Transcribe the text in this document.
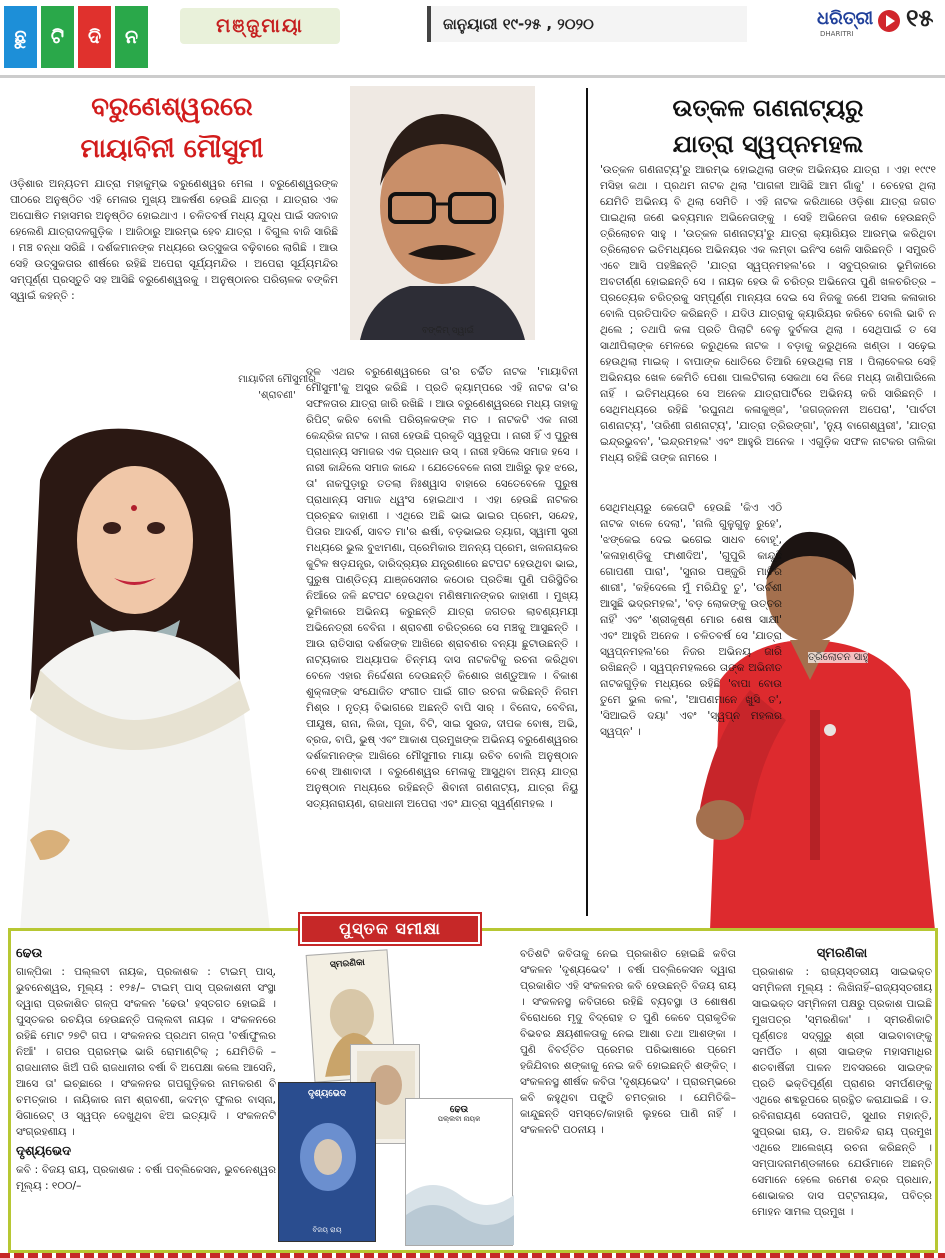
ଛୁ	ଟି	ଦି	ନ	ମଞ୍ଜୁମାୟା	ଜାନୁୟାରୀ ୧୯-୨୫ , ୨୦୨୦	ଧରିତ୍ରୀ
DHARITRI
୧୫
ବରୁଣେଶ୍ୱରରେ
ମାୟାବିନୀ ମୌସୁମୀ
ବଙ୍କିମ୍ ସ୍ୱାଇଁ

ଓଡ଼ିଶାର ଅନ୍ୟତମ ଯାତ୍ରା ମହାକୁମ୍ଭ ବରୁଣେଶ୍ୱର ମେଳା । ବରୁଣେଶ୍ୱରଙ୍କ ପୀଠରେ ଅନୁଷ୍ଠିତ ଏହି ମେଳାର ମୁଖ୍ୟ ଆକର୍ଷଣ ହେଉଛି ଯାତ୍ରା । ଯାତ୍ରାର ଏକ ଅଘୋଷିତ ମହାସମର ଅନୁଷ୍ଠିତ ହୋଇଥାଏ । ଚଳିତବର୍ଷ ମଧ୍ୟ ଯୁଦ୍ଧ ପାଇଁ ସଜବାଜ ହେଲେଣି ଯାତ୍ରାଦଳଗୁଡ଼ିକ । ଆଜିଠାରୁ ଆରମ୍ଭ ହେବ ଯାତ୍ରା । ବିଗୁଲ ବାଜି ସାରିଛି । ମଞ୍ଚ ବନ୍ଧା ସରିଛି । ଦର୍ଶକମାନଙ୍କ ମଧ୍ୟରେ ଉତ୍ସୁକତା ବଢ଼ିବାରେ ଲାଗିଛି । ଆଉ ସେହି ଉତ୍ସୁକତାର ଶୀର୍ଷରେ ରହିଛି ଅପେରା ସୂର୍ଯ୍ୟମନ୍ଦିର । ଅପେରା ସୂର୍ଯ୍ୟମନ୍ଦିର ସମ୍ପୂର୍ଣ୍ଣ ପ୍ରସ୍ତୁତି ସହ ଆସିଛି ବରୁଣେଶ୍ୱରକୁ । ଅନୁଷ୍ଠାନର ପରିଚାଳକ ବଙ୍କିମ ସ୍ୱାଇଁ କହନ୍ତି :

ମାୟାବିନୀ ମୌସୁମୀର 'ଶ୍ରାବଣୀ'

ଦଳ ଏଥର ବରୁଣେଶ୍ୱରରେ ତା'ର ଚର୍ଚ୍ଚିତ ନାଟକ 'ମାୟାବିନୀ ମୌସୁମୀ'କୁ ଅସ୍ତ୍ର କରିଛି । ପ୍ରତି କ୍ୟାମ୍ପରେ ଏହି ନାଟକ ତା'ର ସଫଳତାର ଯାତ୍ରା ଜାରି ରଖିଛି । ଆଉ ବରୁଣେଶ୍ୱରରେ ମଧ୍ୟ ତାହାକୁ ରିପିଟ୍ କରିବ ବୋଲି ପରିଚାଳକଙ୍କ ମତ । ନାଟକଟି ଏକ ନାରୀ କେନ୍ଦ୍ରିକ ନାଟକ । ନାରୀ ହେଉଛି ପ୍ରକୃତି ସ୍ୱରୂପା । ନାରୀ ହିଁ ଏ ପୁରୁଷ ପ୍ରାଧାନ୍ୟ ସମାଜର ଏକ ପ୍ରଧାନ ଉସ୍ । ନାରୀ ହସିଲେ ସମାଜ ହସେ । ନାରୀ କାନ୍ଦିଲେ ସମାଜ କାନ୍ଦେ । ଯେତେବେଳେ ନାରୀ ଆଖିରୁ ଲୁହ ଝରେ, ତା' ନାକପୁଡ଼ାରୁ ତତଲା ନିଃଶ୍ୱାସ ବାହାରେ ସେତେବେଳେ ପୁରୁଷ ପ୍ରାଧାନ୍ୟ ସମାଜ ଧ୍ୱଂସ ହୋଇଥାଏ । ଏହା ହେଉଛି ନାଟକର ପ୍ରଚ୍ଛଦ କାହାଣୀ । ଏଥିରେ ଅଛି ଭାଇ ଭାଇର ପ୍ରେମ, ସନ୍ଦେହ, ପିତାର ଆଦର୍ଶ, ସାବତ ମା'ର ଈର୍ଷା, ବଡ଼ଭାଇର ତ୍ୟାଗ, ସ୍ୱାମୀ ସ୍ତ୍ରୀ ମଧ୍ୟରେ ଭୁଲ ବୁଝାମଣା, ପ୍ରେମିକାର ଅନନ୍ୟ ପ୍ରେମ, ଖଳନାୟକର କୁଟିଳ ଷଡ଼ଯନ୍ତ୍ର, ଦାରିଦ୍ର୍ୟର ଯନ୍ତ୍ରଣାରେ ଛଟପଟ ହେଉଥିବା ଭାଇ, ପୁରୁଷ ପାଣ୍ଡିତ୍ୟ ଯାଞ୍ଜସେନୀର କଠୋର ପ୍ରତିଜ୍ଞା ପୁଣି ପରିସ୍ଥିତିର ନିଆଁରେ ଜଳି ଛଟପଟ ହେଉଥିବା ମଣିଷମାନଙ୍କର କାହାଣୀ । ମୁଖ୍ୟ ଭୂମିକାରେ ଅଭିନୟ କରୁଛନ୍ତି ଯାତ୍ରା ଜଗତର ଲାବଣ୍ୟମୟୀ ଅଭିନେତ୍ରୀ ବେବିନା । ଶ୍ରାବଣୀ ଚରିତ୍ରରେ ସେ ମଞ୍ଚକୁ ଆସୁଛନ୍ତି । ଆଉ ରାତିସାରା ଦର୍ଶକଙ୍କ ଆଖିରେ ଶ୍ରାବଣର ବନ୍ୟା ଛୁଟାଉଛନ୍ତି । ନାଟ୍ୟକାର ଅଧ୍ୟାପକ ଚିନ୍ମୟ ଦାସ ନାଟକଟିକୁ ରଚନା କରିଥିବା ବେଳେ ଏହାର ନିର୍ଦ୍ଦେଶନା ଦେଉଛନ୍ତି କିଶୋର ଖଣ୍ଡୁଆଳ । ବିକାଶ ଶୁକ୍ଳାଙ୍କ ସଂଯୋଜିତ ସଂଗୀତ ପାଇଁ ଗୀତ ରଚନା କରିଛନ୍ତି ନିଗମ ମିଶ୍ର । ନୃତ୍ୟ ବିଭାଗରେ ଅଛନ୍ତି ବାପି ସାର୍ । ବିନୋଦ, ବେବିନା, ପୀୟୂଷ, ରାନା, ଲିଜା, ପୂଜା, ବିଟି, ସାଇ ସୁରଜ, ଦୀପକ ବୋଷ, ଅଭି, ବ୍ରଜ, ବାପି, ଭୁଷ୍ ଏବଂ ଆକାଶ ପ୍ରମୁଖଙ୍କ ଅଭିନୟ ବରୁଣେଶ୍ୱରର ଦର୍ଶକମାନଙ୍କ ଆଖିରେ ମୌସୁମୀର ମାୟା ରଚିବ ବୋଲି ଅନୁଷ୍ଠାନ ବେଶ୍ ଆଶାବାଦୀ । ବରୁଣେଶ୍ୱର ମେଳାକୁ ଆସୁଥିବା ଅନ୍ୟ ଯାତ୍ରା ଅନୁଷ୍ଠାନ ମଧ୍ୟରେ ରହିଛନ୍ତି ଶିବାନୀ ଗଣନାଟ୍ୟ, ଯାତ୍ରା ନିୟୁ ସତ୍ୟନାରାୟଣ, ରାଜଧାନୀ ଅପେରା ଏବଂ ଯାତ୍ରା ସ୍ୱର୍ଣ୍ଣମହଲ ।

ଉତ୍କଳ ଗଣନାଟ୍ୟରୁ
ଯାତ୍ରା ସ୍ୱପ୍ନମହଲ

'ଉତ୍କଳ ଗଣନାଟ୍ୟ'ରୁ ଆରମ୍ଭ ହୋଇଥିଲା ତାଙ୍କ ଅଭିନୟର ଯାତ୍ରା । ଏହା ୧୯୯୧ ମସିହା କଥା । ପ୍ରଥମ ନାଟକ ଥିଲା 'ପାଗଳୀ ଆସିଛି ଆମ ଗାଁକୁ' । ଚେହେରା ଥିଲା ଯେମିତି ଅଭିନୟ ବି ଥିଲା ସେମିତି । ଏହି ନାଟକ କରିଥାରେ ଓଡ଼ିଶା ଯାତ୍ରା ଜଗତ ପାଇଥିଲା ଜଣେ ଭବ୍ୟମାନ ଅଭିନେତାଙ୍କୁ । ସେହି ଅଭିନେତା ଜଣକ ହେଉଛନ୍ତି ତ୍ରିଲୋଚନ ସାହୁ । 'ଉତ୍କଳ ଗଣନାଟ୍ୟ'ରୁ ଯାତ୍ରା କ୍ୟାରିୟର ଆରମ୍ଭ କରିଥିବା ତ୍ରିଲୋଚନ ଇତିମଧ୍ୟରେ ଅଭିନୟର ଏକ ଲମ୍ବା ଇନିଂସ ଖେଳି ସାରିଛନ୍ତି । ସମ୍ପ୍ରତି ଏବେ ଆସି ପହଞ୍ଚିଛନ୍ତି 'ଯାତ୍ରା ସ୍ୱପ୍ନମହଲ'ରେ । ସବୁପ୍ରକାର ଭୂମିକାରେ ଅବତୀର୍ଣ୍ଣ ହୋଇଛନ୍ତି ସେ । ନାୟକ ହେଉ କି ଚରିତ୍ର ଅଭିନେତା ପୁଣି ଖଳଚରିତ୍ର – ପ୍ରତ୍ୟେକ ଚରିତ୍ରକୁ ସମ୍ପୂର୍ଣ୍ଣ ମାନ୍ୟତା ଦେଇ ସେ ନିଜକୁ ଜଣେ ଅସଲ କଳାକାର ବୋଲି ପ୍ରତିପାଦିତ କରିଛନ୍ତି । ଯଦିଓ ଯାତ୍ରାକୁ କ୍ୟାରିୟର କରିବେ ବୋଲି ଭାବି ନ ଥିଲେ ; ତଥାପି କଳା ପ୍ରତି ପିଲାଟି ବେଳୁ ଦୁର୍ବଳତା ଥିଲା । ସେଥିପାଇଁ ତ ସେ ସାଥୀପିଲାଙ୍କ ମେଳରେ କରୁଥିଲେ ନାଟକ । ବଡ଼ାକୁ କରୁଥିଲେ ଖଣ୍ଡା । ସଢ଼େଇ ହେଉଥିଲା ମାଇକ୍ । ବାପାଙ୍କ ଧୋତିରେ ତିଆରି ହେଉଥିଲା ମଞ୍ଚ । ପିଲାବେଳର ସେହି ଅଭିନୟର ଖେଳ କେମିତି ପେଶା ପାଲଟିଗଲା ସେକଥା ସେ ନିଜେ ମଧ୍ୟ ଜାଣିପାରିଲେ ନାହିଁ । ଇତିମଧ୍ୟରେ ସେ ଅନେକ ଯାତ୍ରାପାର୍ଟିରେ ଅଭିନୟ କରି ସାରିଛନ୍ତି । ସେଥିମଧ୍ୟରେ ରହିଛି 'ରଘୁନାଥ କଳାକୁଞ୍ଜ', 'ଜଗଜ୍ଜନନୀ ଅପେରା', 'ପାର୍ବତୀ ଗଣନାଟ୍ୟ', 'ତାରିଣୀ ଗଣନାଟ୍ୟ', 'ଯାତ୍ରା ତ୍ରିରଙ୍ଗା', 'ନ୍ୟୁ ବାଗେଶ୍ୱରୀ', 'ଯାତ୍ରା ଇନ୍ଦ୍ରଭୁବନ', 'ଇନ୍ଦ୍ରମହଲ' ଏବଂ ଆହୁରି ଅନେକ । ଏଗୁଡ଼ିକ ସଫଳ ନାଟକର ତାଲିକା ମଧ୍ୟ ରହିଛି ତାଙ୍କ ନାମରେ ।

ତ୍ରିଲୋଚନ ସାହୁ

ସେଥିମଧ୍ୟରୁ କେତୋଟି ହେଉଛି 'କିଏ ଏଠି ନାଟକ ବାଳେ ଦେଲା', 'ନାଲି ଗୁଳୁଗୁଳୁ ରୁହେ', 'ଝଙ୍କେଇ ଦେଇ ଭଗେଇ ସାଧବ ବୋହୂ', 'କଳାହାଣ୍ଡିକୁ ଫାଶୀଦିଅ', 'ଗୁପୁରି କାନ୍ଦୁଛି ଗୋପଣୀ ପାରା', 'ସୁନାର ପଞ୍ଜୁରି ମାଟିର ଶାରୀ', 'କହିଦେଲେ ମୁଁ ମରିଯିବୁ ତୁ', 'ଉର୍ବଶୀ ଆସୁଛି ଭଦ୍ରମହଲ', 'ବଡ଼ ଲୋକଙ୍କୁ ଉତ୍ତର ନାହିଁ' ଏବଂ 'ଶ୍ରୀକୃଷ୍ଣ ମୋର ଶେଷ ସାକ୍ଷୀ' ଏବଂ ଆହୁରି ଅନେକ । ଚଳିତବର୍ଷ ସେ 'ଯାତ୍ରା ସ୍ୱପ୍ନମହଲ'ରେ ନିଜର ଅଭିନୟ ଜାରି ରଖିଛନ୍ତି । ସ୍ୱପ୍ନମହଲରେ ତାଙ୍କ ଅଭିନୀତ ନାଟକଗୁଡ଼ିକ ମଧ୍ୟରେ ରହିଛି 'ବାପା ବୋଉ ତୁମେ ଭୁଲ କଲ', 'ଆପଣମାନେ ଖୁସି ତ', 'ସିଆଇଡି ଦୟା' ଏବଂ 'ସ୍ୱପ୍ନ ମହଲର ସ୍ୱପ୍ନ' ।

ପୁସ୍ତକ ସମୀକ୍ଷା
ଢେଉ

ଗାଳ୍ପିକା : ପଲ୍ଲବୀ ନାୟକ, ପ୍ରକାଶକ : ଟାଇମ୍ ପାସ୍, ଭୁବନେଶ୍ୱର, ମୂଲ୍ୟ : ୧୨୫/– ଟାଇମ୍ ପାସ୍ ପ୍ରକାଶନୀ ସଂସ୍ଥା ଦ୍ୱାରା ପ୍ରକାଶିତ ଗଳ୍ପ ସଂକଳନ 'ଢେଉ' ହସ୍ତଗତ ହୋଇଛି । ପୁସ୍ତକର ରଚୟିତା ହେଉଛନ୍ତି ପଲ୍ଲବୀ ନାୟକ । ସଂକଳନରେ ରହିଛି ମୋଟ ୨୭ଟି ଗପ । ସଂକଳନର ପ୍ରଥମ ଗଳ୍ପ 'ବର୍ଷାଫୁଲର ନିଆଁ' । ଗପର ପ୍ରାରମ୍ଭ ଭାରି ରୋମାଣ୍ଟିକ୍ ; ଯେମିତିକି – ରାଜଧାନୀର ଖିଅଁ ପରି ରାଜଧାନୀର ବର୍ଷା ବି ଅପେକ୍ଷା କଲେ ଆସେନି, ଆସେ ତା' ଇଚ୍ଛାରେ । ସଂକଳନର ଗପଗୁଡ଼ିକର ନାମକରଣ ବି ଚମତ୍କାର । ନାୟିକାର ନାମ ଶ୍ରାବଣୀ, କଦମ୍ବ ଫୁଲର ବାସ୍ନା, ସିଗାରେଟ୍ ଓ ସ୍ୱପ୍ନ ଦେଖୁଥିବା ଝିଅ ଇତ୍ୟାଦି । ସଂକଳନଟି ସଂଗ୍ରହଣୀୟ ।

ଦୃଶ୍ୟଭେଦ

କବି : ବିଜୟ ରାୟ, ପ୍ରକାଶକ : ବର୍ଷା ପବ୍ଲିକେସନ, ଭୁବନେଶ୍ୱର ମୂଲ୍ୟ : ୧୦୦/–

ସ୍ମରଣିକା
ଦୃଶ୍ୟଭେଦ
ବିଜୟ ରାୟ
ଢେଉ
ପଲ୍ଲବୀ ନାୟକ

ବତିଶଟି କବିତାକୁ ନେଇ ପ୍ରକାଶିତ ହୋଇଛି କବିତା ସଂକଳନ 'ଦୃଶ୍ୟଭେଦ' । ବର୍ଷା ପବ୍ଲିକେସନ ଦ୍ୱାରା ପ୍ରକାଶିତ ଏହି ସଂକଳନର କବି ହେଉଛନ୍ତି ବିଜୟ ରାୟ । ସଂକଳନସ୍ଥ କବିତାରେ ରହିଛି ବ୍ୟବସ୍ଥା ଓ ଶୋଷଣ ବିରୋଧରେ ମୃଦୁ ବିଦ୍ରୋହ ତ ପୁଣି କେବେ ପ୍ରାକୃତିକ ବିଭବର କ୍ଷୟଶୀଳତାକୁ ନେଇ ଆଶା ତଥା ଆଶଙ୍କା । ପୁଣି ବିବର୍ତ୍ତିତ ପ୍ରେମର ପରିଭାଷାରେ ପ୍ରେମ ହଜିଯିବାର ଶଙ୍କାକୁ ନେଇ କବି ହୋଇଛନ୍ତି ଶଙ୍କିତ୍ । ସଂକଳନସ୍ଥ ଶୀର୍ଷକ କବିତା 'ଦୃଶ୍ୟଭେଦ' । ପ୍ରାରମ୍ଭରେ କବି କହୁଥିବା ପଙ୍କ୍ତି ଚମତ୍କାର । ଯେମିତିକି– କାନ୍ଦୁଛନ୍ତି ସମସ୍ତେ/କାହାରି ଲୁହରେ ପାଣି ନାହିଁ । ସଂକଳନଟି ପଠନୀୟ ।

ସ୍ମରଣିକା

ପ୍ରକାଶକ : ରାଜ୍ୟସ୍ତରୀୟ ସାଇଭକ୍ତ ସମ୍ମିଳନୀ ମୂଲ୍ୟ : ଲିଖିନାହିଁ–ରାଜ୍ୟସ୍ତରୀୟ ସାଇଭକ୍ତ ସମ୍ମିଳନୀ ପକ୍ଷରୁ ପ୍ରକାଶ ପାଇଛି ମୁଖପତ୍ର 'ସ୍ମରଣିକା' । ସ୍ମରଣିକାଟି ପୂର୍ଣ୍ଣତଃ ସଦ୍ଗୁରୁ ଶ୍ରୀ ସାଇବାବାଙ୍କୁ ସମର୍ପିତ । ଶ୍ରୀ ସାଇଙ୍କ ମହାସମାଧିର ଶତବାର୍ଷିକୀ ପାଳନ ଅବସରରେ ସାଇଙ୍କ ପ୍ରତି ଭକ୍ତିପୂର୍ଣ୍ଣ ପ୍ରାଣର ସମର୍ପଣଙ୍କୁ ଏଥିରେ ଶବ୍ଦରୂପରେ ଗ୍ରନ୍ଥିତ କରାଯାଇଛି । ଡ. ରବିନାରାୟଣ ସେନାପତି, ସୁଧୀର ମହାନ୍ତି, ସୁପ୍ରଭା ରାୟ, ଡ. ଅରବିନ୍ଦ ରାୟ ପ୍ରମୁଖ ଏଥିରେ ଆଲେଖ୍ୟ ରଚନା କରିଛନ୍ତି । ସମ୍ପାଦନାମଣ୍ଡଳୀରେ ଯେଉଁମାନେ ଅଛନ୍ତି ସେମାନେ ହେଲେ ରମେଶ ଚନ୍ଦ୍ର ପ୍ରଧାନ, ଶୋଭାକର ଦାସ ପଟ୍ଟନାୟକ, ପବିତ୍ର ମୋହନ ସାମଲ ପ୍ରମୁଖ ।
